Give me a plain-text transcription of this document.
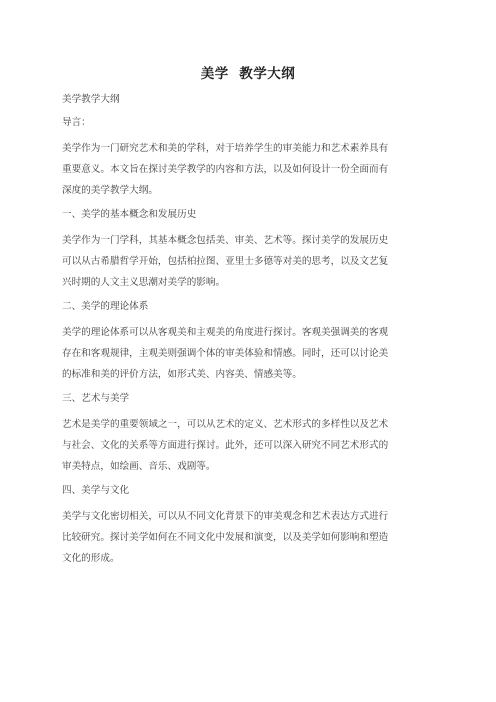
美学  教学大纲

美学教学大纲

导言：

美学作为一门研究艺术和美的学科，对于培养学生的审美能力和艺术素养具有

重要意义。本文旨在探讨美学教学的内容和方法，以及如何设计一份全面而有

深度的美学教学大纲。

一、美学的基本概念和发展历史

美学作为一门学科，其基本概念包括美、审美、艺术等。探讨美学的发展历史

可以从古希腊哲学开始，包括柏拉图、亚里士多德等对美的思考，以及文艺复

兴时期的人文主义思潮对美学的影响。

二、美学的理论体系

美学的理论体系可以从客观美和主观美的角度进行探讨。客观美强调美的客观

存在和客观规律，主观美则强调个体的审美体验和情感。同时，还可以讨论美

的标准和美的评价方法，如形式美、内容美、情感美等。

三、艺术与美学

艺术是美学的重要领域之一，可以从艺术的定义、艺术形式的多样性以及艺术

与社会、文化的关系等方面进行探讨。此外，还可以深入研究不同艺术形式的

审美特点，如绘画、音乐、戏剧等。

四、美学与文化

美学与文化密切相关，可以从不同文化背景下的审美观念和艺术表达方式进行

比较研究。探讨美学如何在不同文化中发展和演变，以及美学如何影响和塑造

文化的形成。
